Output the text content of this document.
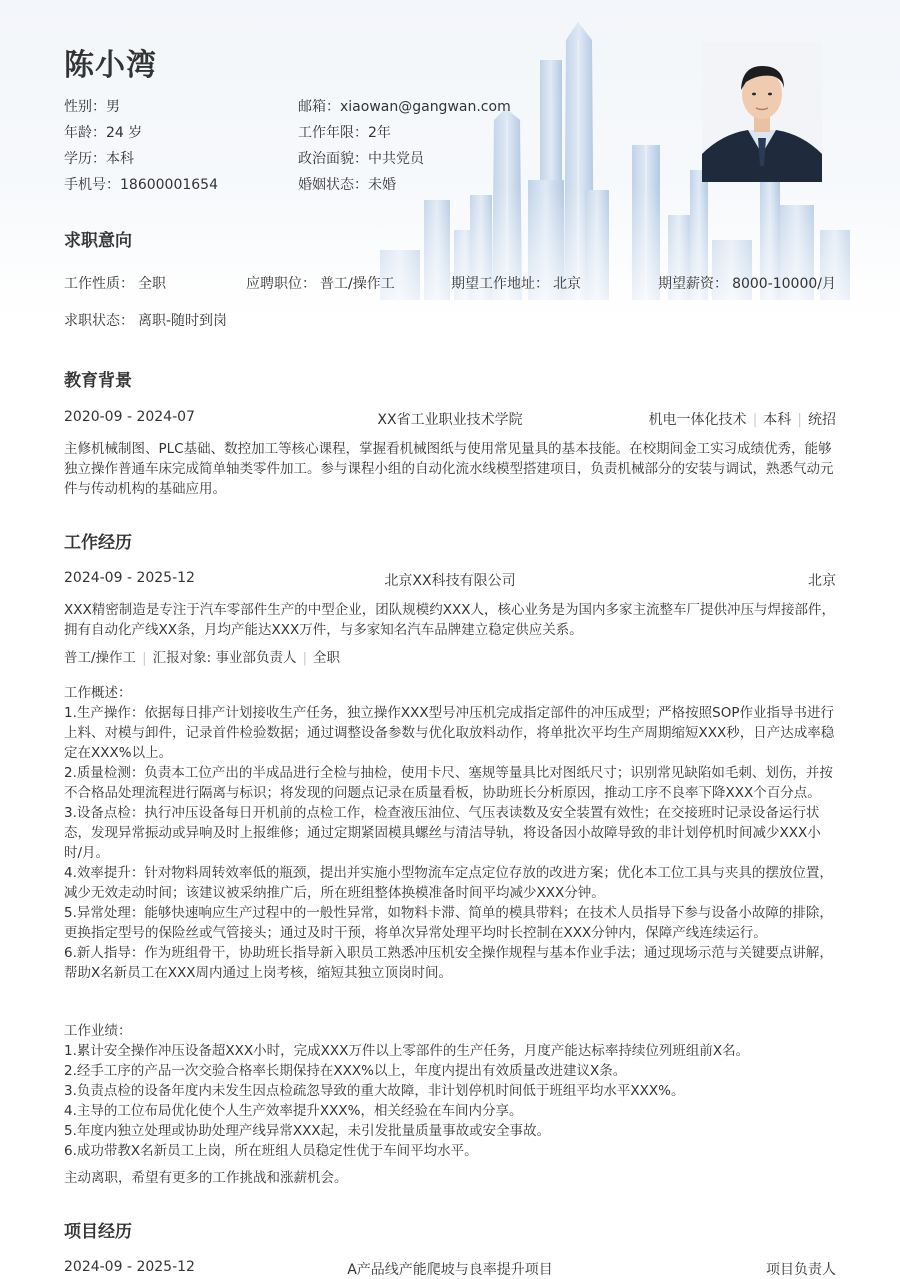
陈小湾
性别：男
年龄：24 岁
学历：本科
手机号：18600001654
邮箱：xiaowan@gangwan.com
工作年限：2年
政治面貌：中共党员
婚姻状态：未婚
求职意向
工作性质： 全职	应聘职位： 普工/操作工	期望工作地址： 北京	期望薪资： 8000-10000/月
求职状态： 离职-随时到岗
教育背景
2020-09 - 2024-07	XX省工业职业技术学院	机电一体化技术 | 本科 | 统招

主修机械制图、PLC基础、数控加工等核心课程，掌握看机械图纸与使用常见量具的基本技能。在校期间金工实习成绩优秀，能够独立操作普通车床完成简单轴类零件加工。参与课程小组的自动化流水线模型搭建项目，负责机械部分的安装与调试，熟悉气动元件与传动机构的基础应用。

工作经历
2024-09 - 2025-12	北京XX科技有限公司	北京

XXX精密制造是专注于汽车零部件生产的中型企业，团队规模约XXX人，核心业务是为国内多家主流整车厂提供冲压与焊接部件，拥有自动化产线XX条，月均产能达XXX万件，与多家知名汽车品牌建立稳定供应关系。

普工/操作工 | 汇报对象: 事业部负责人 | 全职
工作概述：
1.生产操作：依据每日排产计划接收生产任务，独立操作XXX型号冲压机完成指定部件的冲压成型；严格按照SOP作业指导书进行上料、对模与卸件，记录首件检验数据；通过调整设备参数与优化取放料动作，将单批次平均生产周期缩短XXX秒，日产达成率稳定在XXX%以上。
2.质量检测：负责本工位产出的半成品进行全检与抽检，使用卡尺、塞规等量具比对图纸尺寸；识别常见缺陷如毛刺、划伤，并按不合格品处理流程进行隔离与标识；将发现的问题点记录在质量看板，协助班长分析原因，推动工序不良率下降XXX个百分点。
3.设备点检：执行冲压设备每日开机前的点检工作，检查液压油位、气压表读数及安全装置有效性；在交接班时记录设备运行状态，发现异常振动或异响及时上报维修；通过定期紧固模具螺丝与清洁导轨，将设备因小故障导致的非计划停机时间减少XXX小时/月。
4.效率提升：针对物料周转效率低的瓶颈，提出并实施小型物流车定点定位存放的改进方案；优化本工位工具与夹具的摆放位置，减少无效走动时间；该建议被采纳推广后，所在班组整体换模准备时间平均减少XXX分钟。
5.异常处理：能够快速响应生产过程中的一般性异常，如物料卡滞、简单的模具带料；在技术人员指导下参与设备小故障的排除，更换指定型号的保险丝或气管接头；通过及时干预，将单次异常处理平均时长控制在XXX分钟内，保障产线连续运行。
6.新人指导：作为班组骨干，协助班长指导新入职员工熟悉冲压机安全操作规程与基本作业手法；通过现场示范与关键要点讲解，帮助X名新员工在XXX周内通过上岗考核，缩短其独立顶岗时间。
工作业绩：
1.累计安全操作冲压设备超XXX小时，完成XXX万件以上零部件的生产任务，月度产能达标率持续位列班组前X名。
2.经手工序的产品一次交验合格率长期保持在XXX%以上，年度内提出有效质量改进建议X条。
3.负责点检的设备年度内未发生因点检疏忽导致的重大故障，非计划停机时间低于班组平均水平XXX%。
4.主导的工位布局优化使个人生产效率提升XXX%，相关经验在车间内分享。
5.年度内独立处理或协助处理产线异常XXX起，未引发批量质量事故或安全事故。
6.成功带教X名新员工上岗，所在班组人员稳定性优于车间平均水平。

主动离职，希望有更多的工作挑战和涨薪机会。

项目经历
2024-09 - 2025-12	A产品线产能爬坡与良率提升项目	项目负责人
